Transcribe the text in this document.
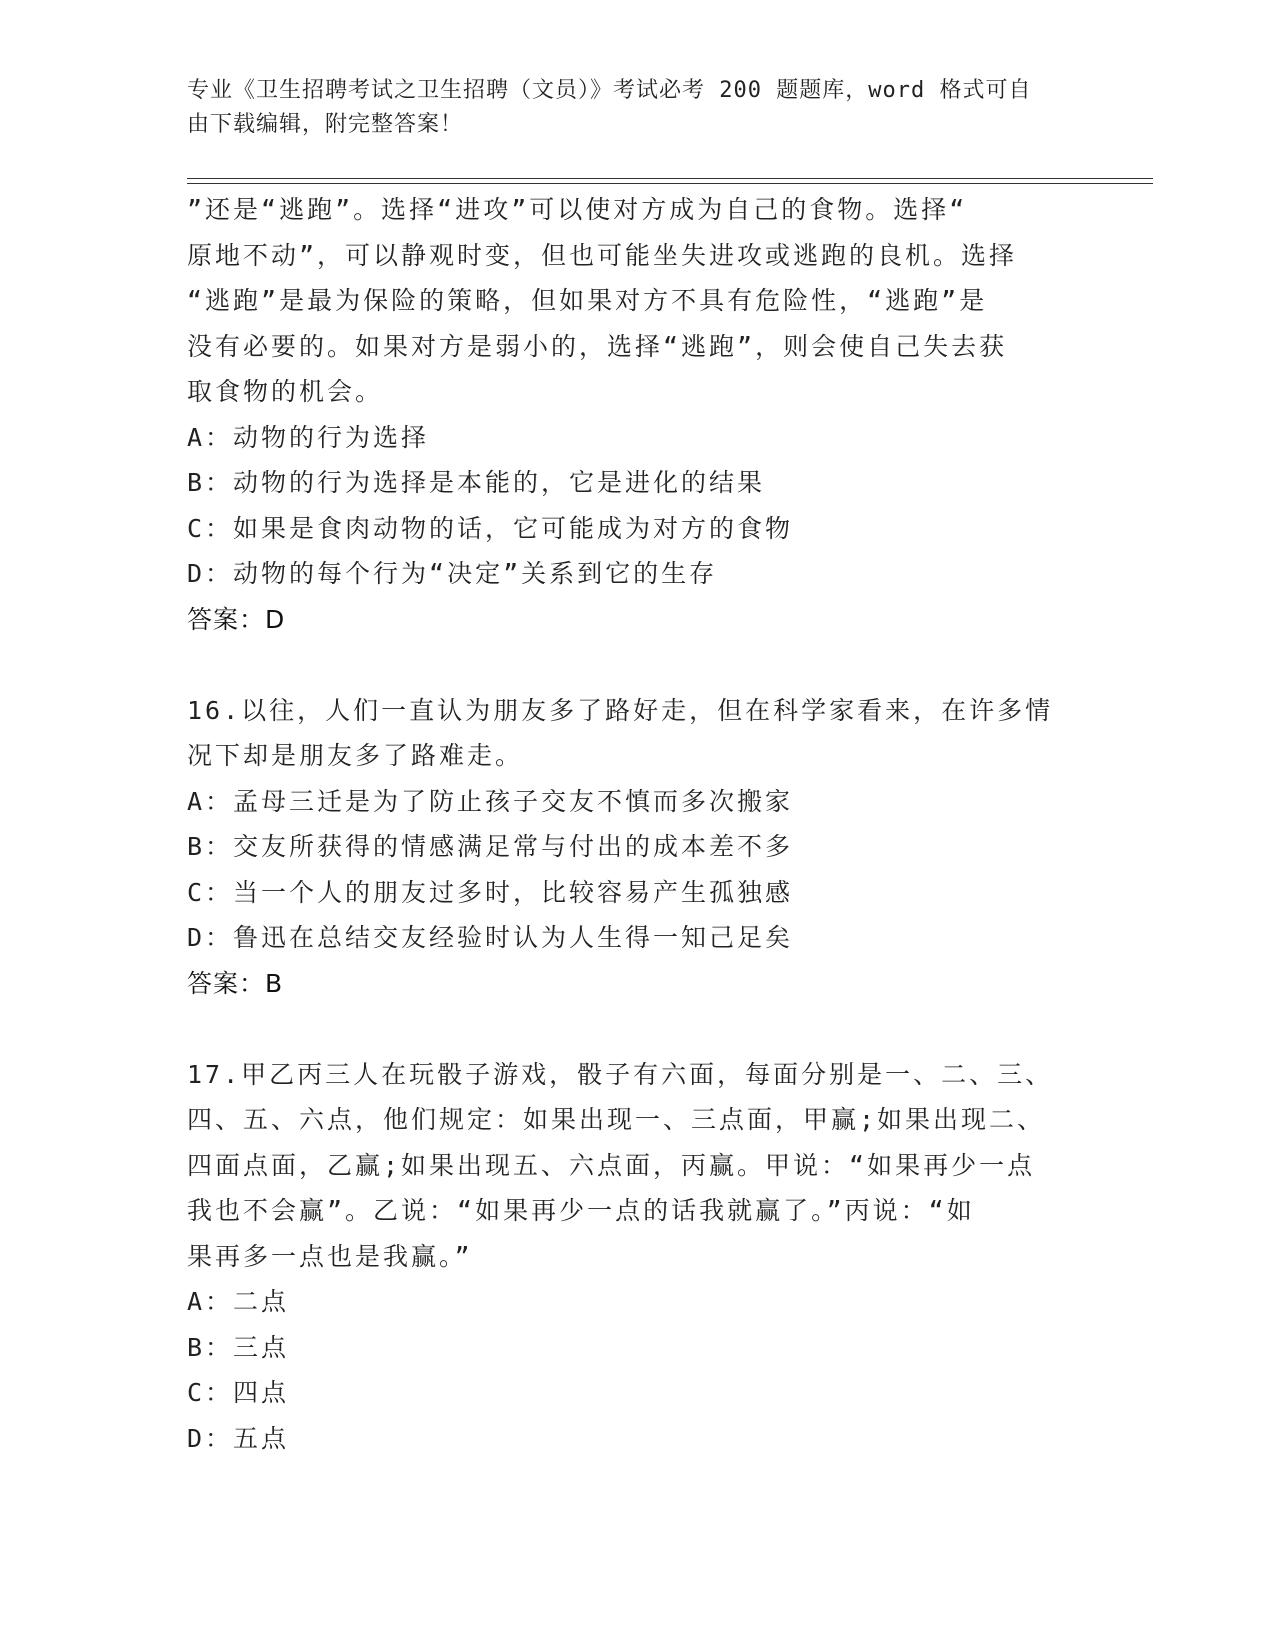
专业《卫生招聘考试之卫生招聘（文员）》考试必考 200 题题库，word 格式可自
由下载编辑，附完整答案！
”还是“逃跑”。选择“进攻”可以使对方成为自己的食物。选择“
原地不动”，可以静观时变，但也可能坐失进攻或逃跑的良机。选择
“逃跑”是最为保险的策略，但如果对方不具有危险性，“逃跑”是
没有必要的。如果对方是弱小的，选择“逃跑”，则会使自己失去获
取食物的机会。
A：动物的行为选择
B：动物的行为选择是本能的，它是进化的结果
C：如果是食肉动物的话，它可能成为对方的食物
D：动物的每个行为“决定”关系到它的生存
答案：D
16.以往，人们一直认为朋友多了路好走，但在科学家看来，在许多情
况下却是朋友多了路难走。
A：孟母三迁是为了防止孩子交友不慎而多次搬家
B：交友所获得的情感满足常与付出的成本差不多
C：当一个人的朋友过多时，比较容易产生孤独感
D：鲁迅在总结交友经验时认为人生得一知己足矣
答案：B
17.甲乙丙三人在玩骰子游戏，骰子有六面，每面分别是一、二、三、
四、五、六点，他们规定：如果出现一、三点面，甲赢;如果出现二、
四面点面，乙赢;如果出现五、六点面，丙赢。甲说：“如果再少一点
我也不会赢”。乙说：“如果再少一点的话我就赢了。”丙说：“如
果再多一点也是我赢。”
A：二点
B：三点
C：四点
D：五点
